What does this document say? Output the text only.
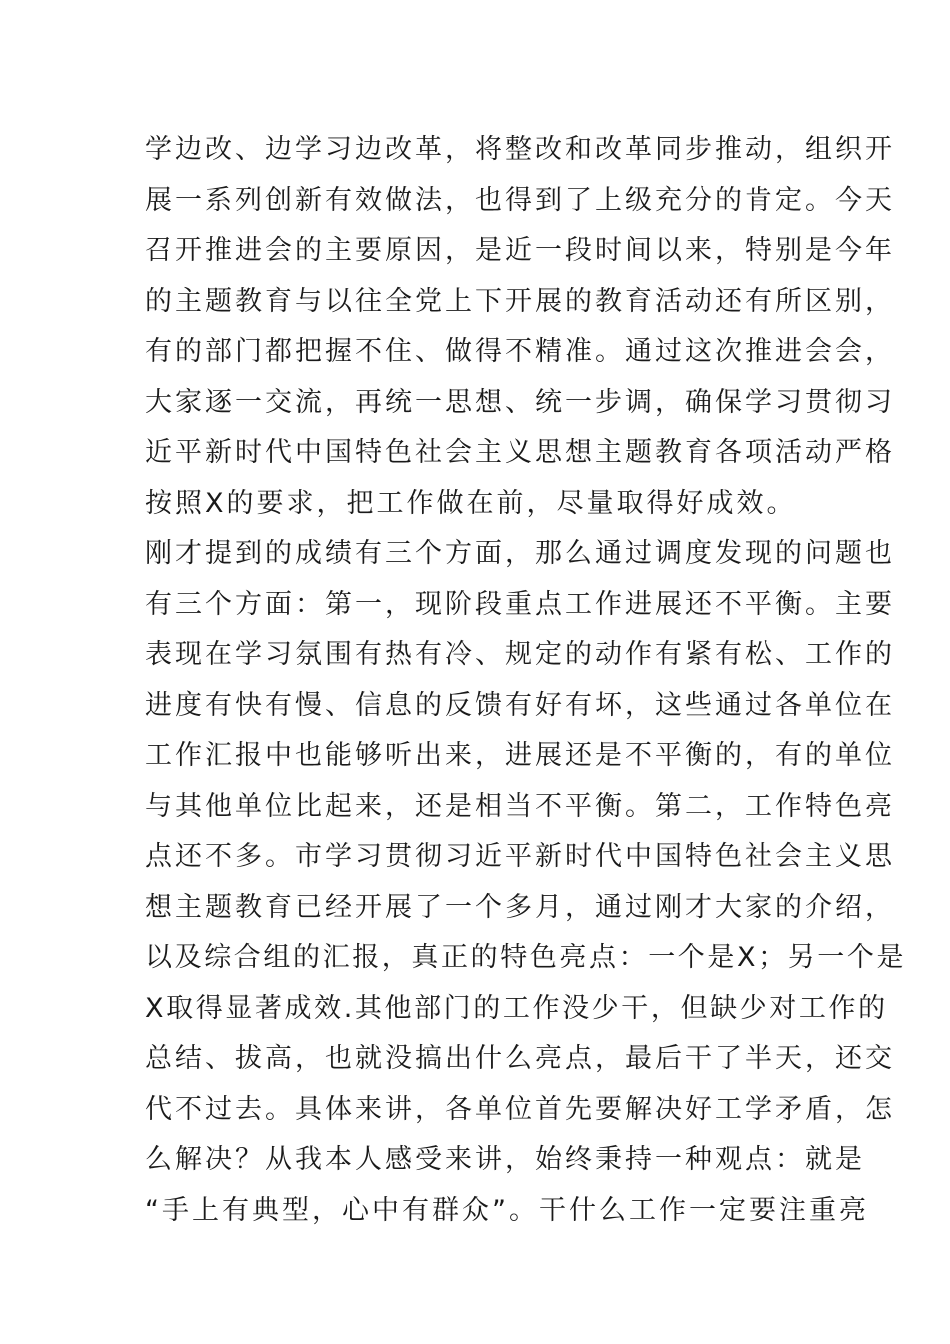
学边改、边学习边改革，将整改和改革同步推动，组织开
展一系列创新有效做法，也得到了上级充分的肯定。今天
召开推进会的主要原因，是近一段时间以来，特别是今年
的主题教育与以往全党上下开展的教育活动还有所区别，
有的部门都把握不住、做得不精准。通过这次推进会会，
大家逐一交流，再统一思想、统一步调，确保学习贯彻习
近平新时代中国特色社会主义思想主题教育各项活动严格
按照X的要求，把工作做在前，尽量取得好成效。
刚才提到的成绩有三个方面，那么通过调度发现的问题也
有三个方面：第一，现阶段重点工作进展还不平衡。主要
表现在学习氛围有热有冷、规定的动作有紧有松、工作的
进度有快有慢、信息的反馈有好有坏，这些通过各单位在
工作汇报中也能够听出来，进展还是不平衡的，有的单位
与其他单位比起来，还是相当不平衡。第二，工作特色亮
点还不多。市学习贯彻习近平新时代中国特色社会主义思
想主题教育已经开展了一个多月，通过刚才大家的介绍，
以及综合组的汇报，真正的特色亮点：一个是X；另一个是
X取得显著成效.其他部门的工作没少干，但缺少对工作的
总结、拔高，也就没搞出什么亮点，最后干了半天，还交
代不过去。具体来讲，各单位首先要解决好工学矛盾，怎
么解决？从我本人感受来讲，始终秉持一种观点：就是
“手上有典型，心中有群众”。干什么工作一定要注重亮
